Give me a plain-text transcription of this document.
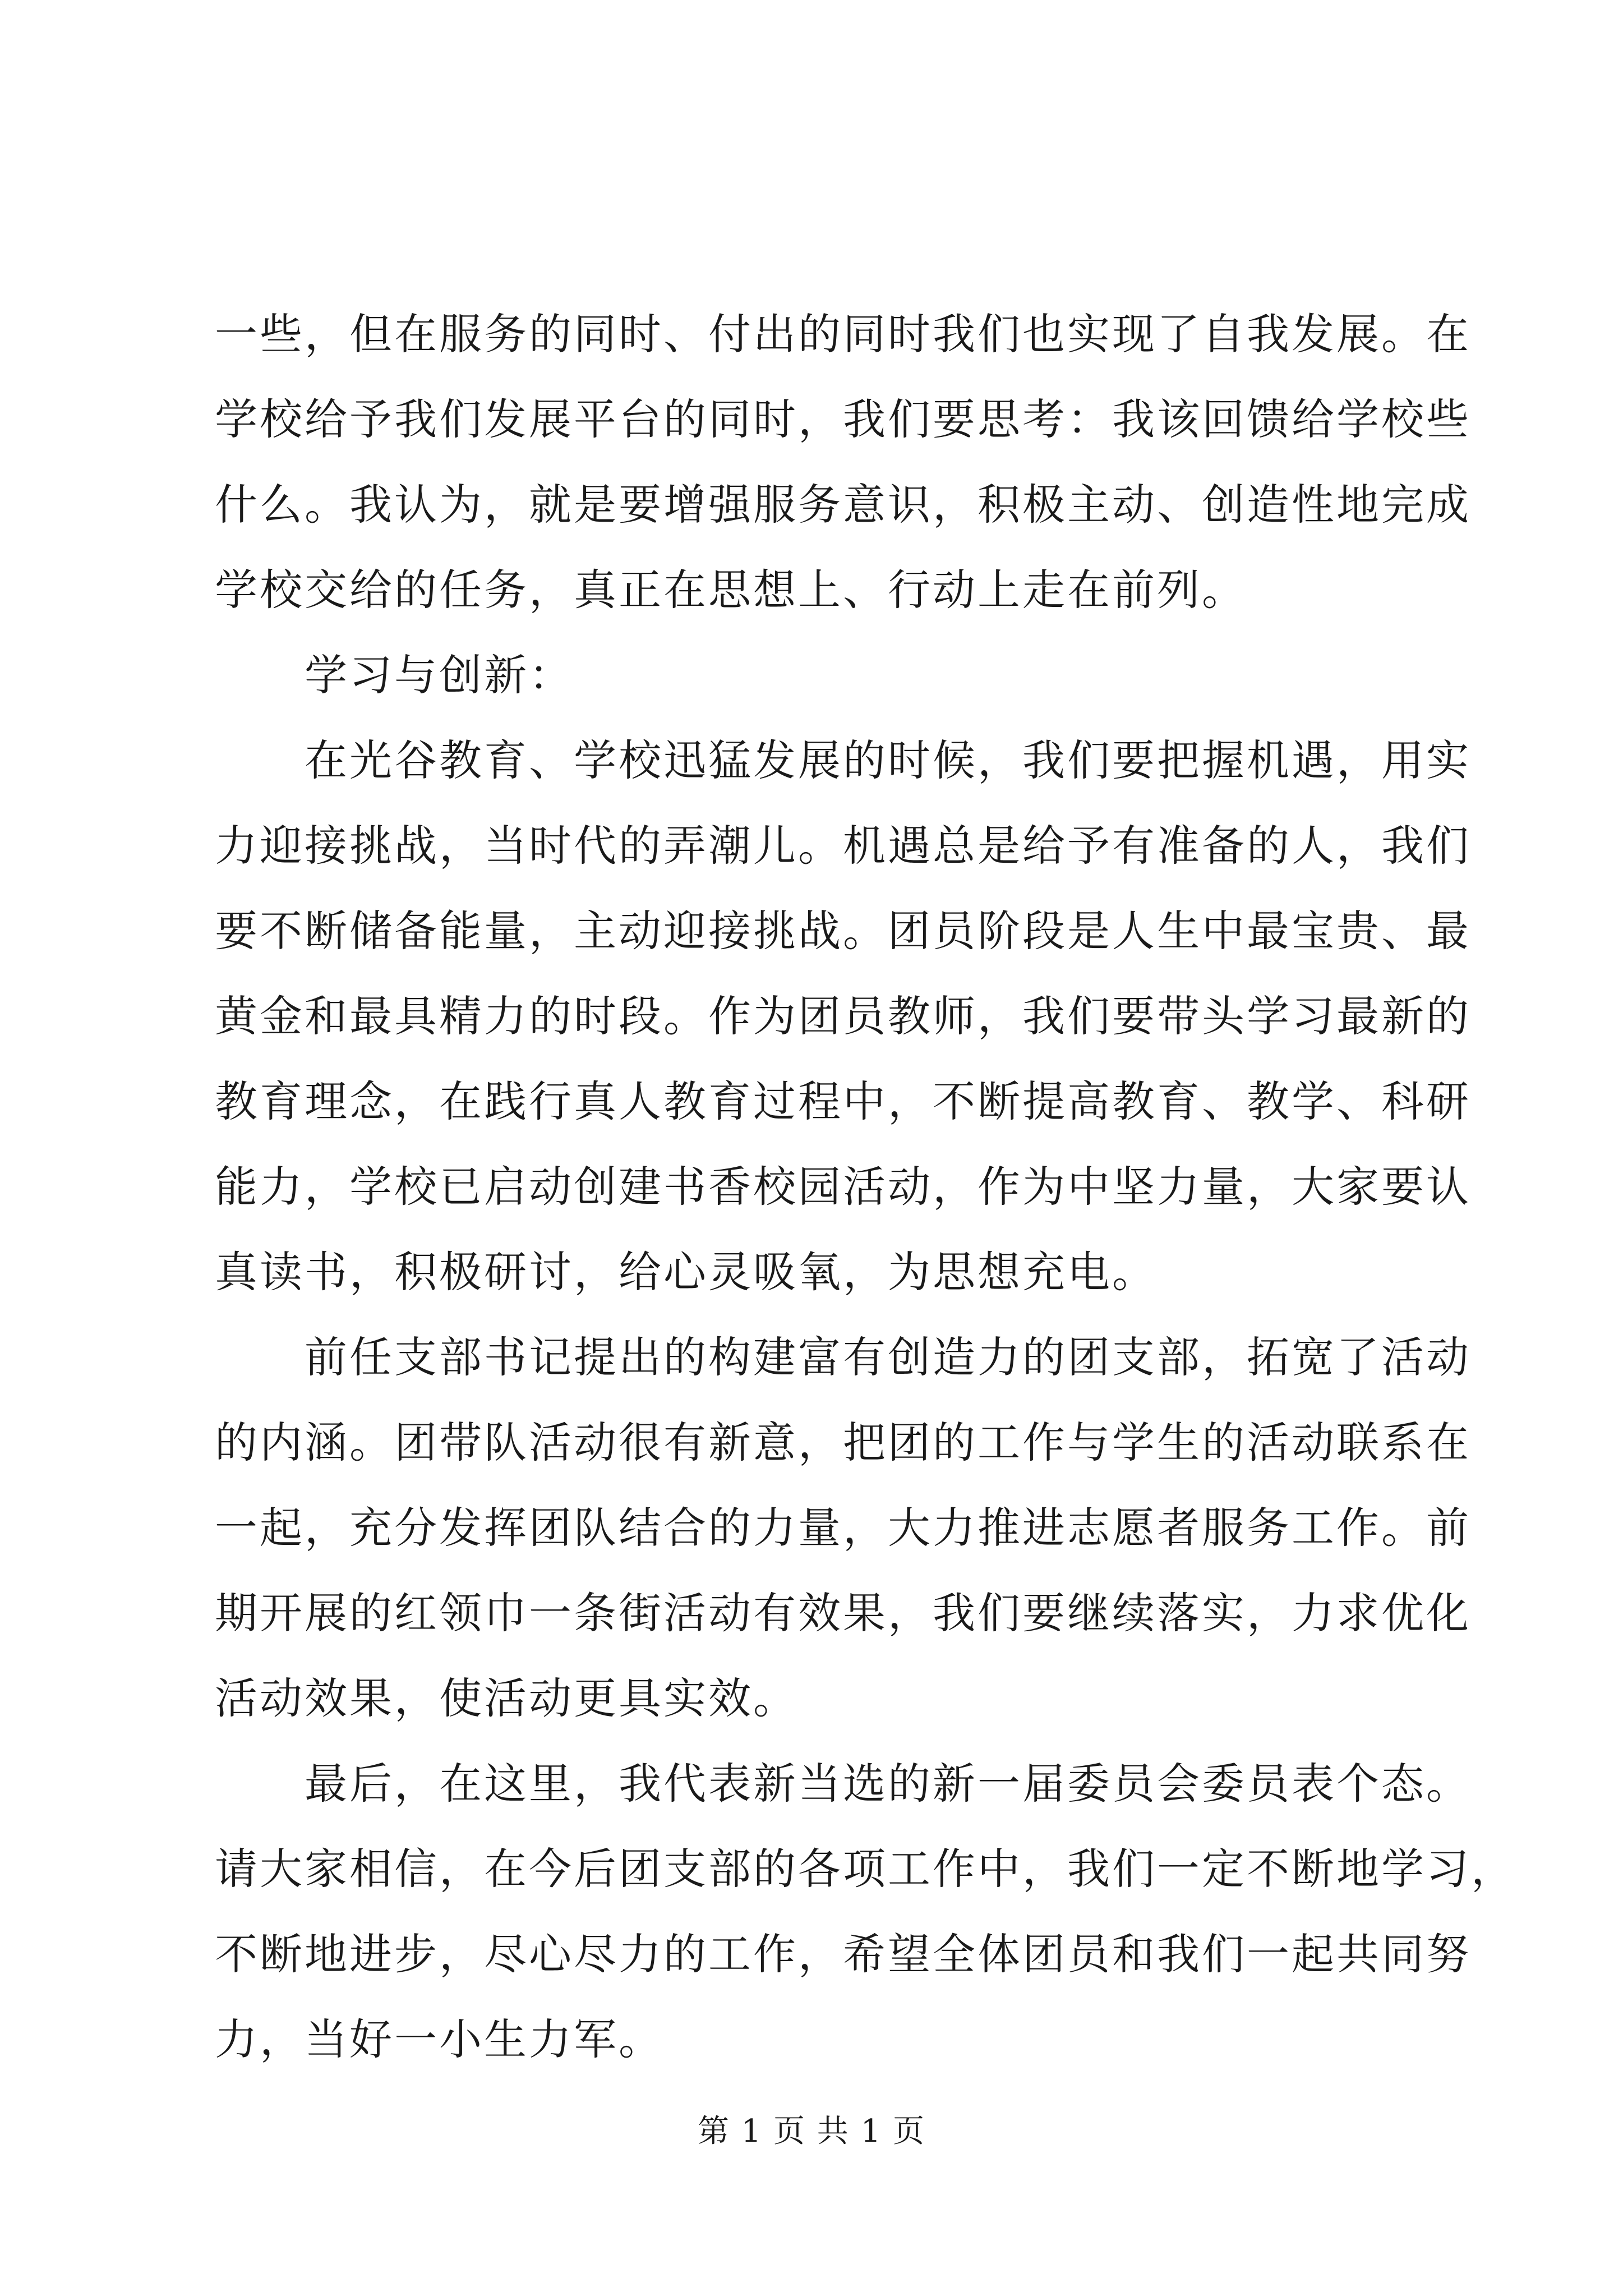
一些，但在服务的同时、付出的同时我们也实现了自我发展。在
学校给予我们发展平台的同时，我们要思考：我该回馈给学校些
什么。我认为，就是要增强服务意识，积极主动、创造性地完成
学校交给的任务，真正在思想上、行动上走在前列。
学习与创新：
在光谷教育、学校迅猛发展的时候，我们要把握机遇，用实
力迎接挑战，当时代的弄潮儿。机遇总是给予有准备的人，我们
要不断储备能量，主动迎接挑战。团员阶段是人生中最宝贵、最
黄金和最具精力的时段。作为团员教师，我们要带头学习最新的
教育理念，在践行真人教育过程中，不断提高教育、教学、科研
能力，学校已启动创建书香校园活动，作为中坚力量，大家要认
真读书，积极研讨，给心灵吸氧，为思想充电。
前任支部书记提出的构建富有创造力的团支部，拓宽了活动
的内涵。团带队活动很有新意，把团的工作与学生的活动联系在
一起，充分发挥团队结合的力量，大力推进志愿者服务工作。前
期开展的红领巾一条街活动有效果，我们要继续落实，力求优化
活动效果，使活动更具实效。
最后，在这里，我代表新当选的新一届委员会委员表个态。
请大家相信，在今后团支部的各项工作中，我们一定不断地学习，
不断地进步，尽心尽力的工作，希望全体团员和我们一起共同努
力，当好一小生力军。
第 1 页 共 1 页
